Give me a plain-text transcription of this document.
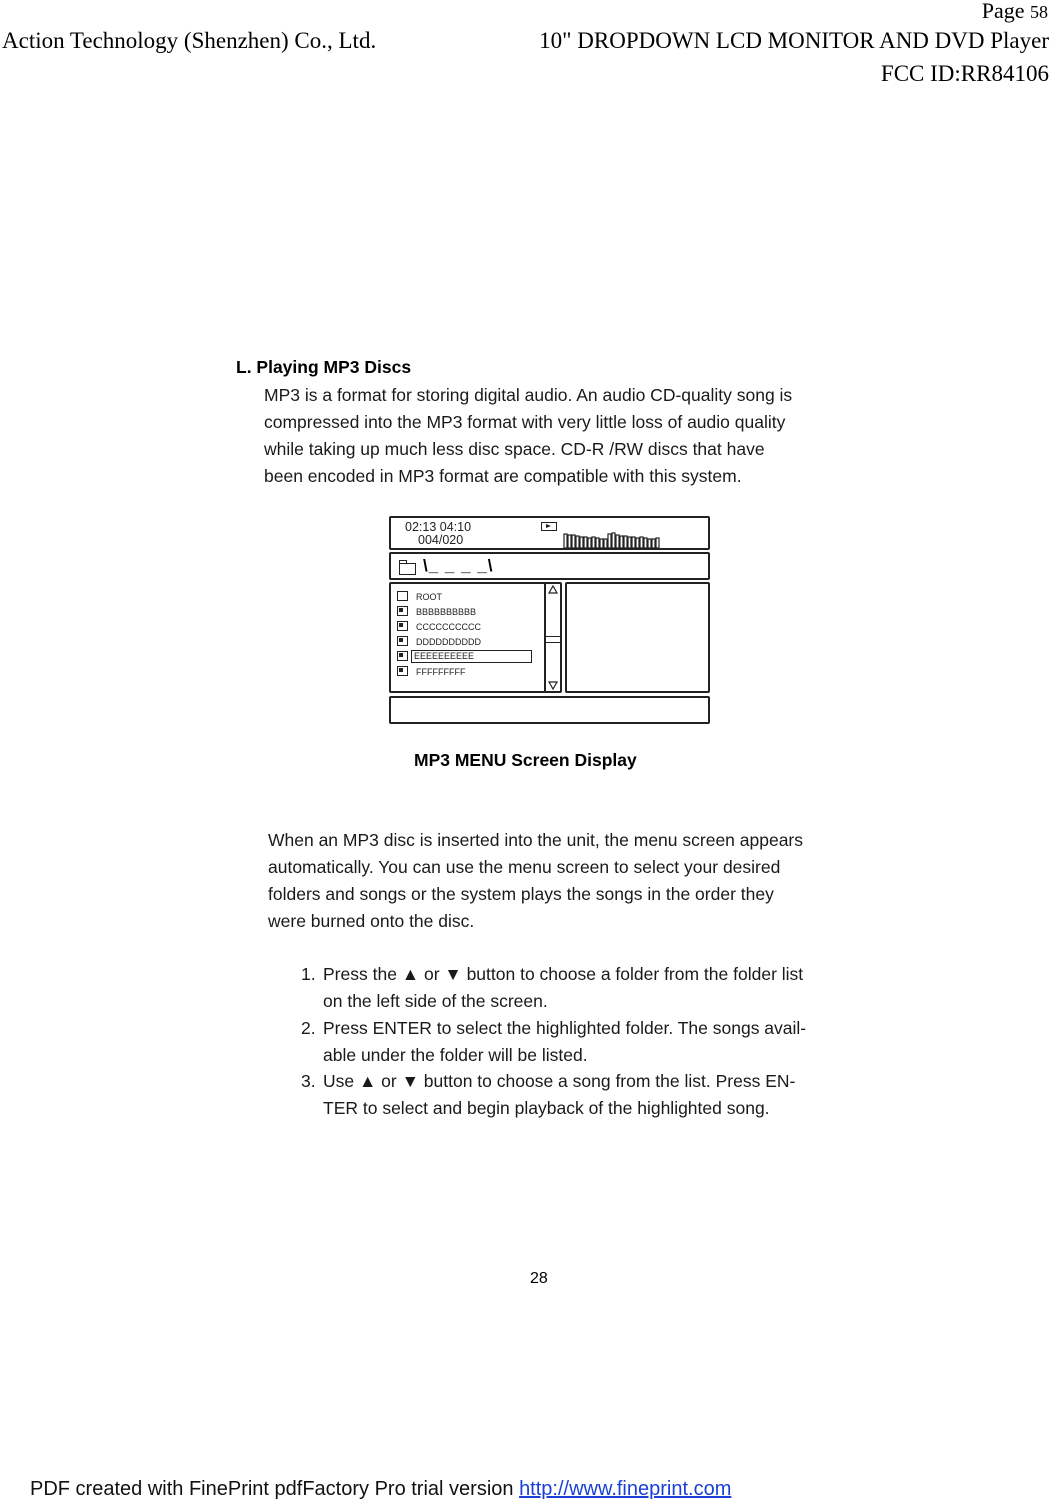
Page 58
Action Technology (Shenzhen) Co., Ltd.	10" DROPDOWN LCD MONITOR AND DVD Player
FCC ID:RR84106
L. Playing MP3 Discs
MP3 is a format for storing digital audio. An audio CD-quality song is
compressed into the MP3 format with very little loss of audio quality
while taking up much less disc space. CD-R /RW discs that have
been encoded in MP3 format are compatible with this system.
02:13 04:10
004/020
\_ _ _ _\
ROOT
BBBBBBBBBB
CCCCCCCCCC
DDDDDDDDDD
EEEEEEEEEE
FFFFFFFFF
MP3 MENU Screen Display
When an MP3 disc is inserted into the unit, the menu screen appears
automatically. You can use the menu screen to select your desired
folders and songs or the system plays the songs in the order they
were burned onto the disc.
1. Press the ▲ or ▼ button to choose a folder from the folder list
on the left side of the screen.
2. Press ENTER to select the highlighted folder. The songs avail-
able under the folder will be listed.
3. Use ▲ or ▼ button to choose a song from the list. Press EN-
TER to select and begin playback of the highlighted song.
28
PDF created with FinePrint pdfFactory Pro trial version http://www.fineprint.com
